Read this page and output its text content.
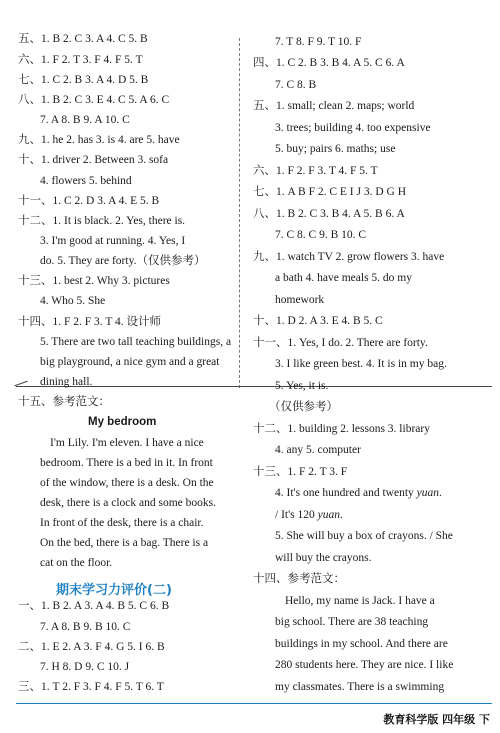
五、1. B 2. C 3. A 4. C 5. B
六、1. F 2. T 3. F 4. F 5. T
七、1. C 2. B 3. A 4. D 5. B
八、1. B 2. C 3. E 4. C 5. A 6. C
7. A 8. B 9. A 10. C
九、1. he 2. has 3. is 4. are 5. have
十、1. driver 2. Between 3. sofa
4. flowers 5. behind
十一、1. C 2. D 3. A 4. E 5. B
十二、1. It is black. 2. Yes, there is.
3. I'm good at running. 4. Yes, I
do. 5. They are forty.（仅供参考）
十三、1. best 2. Why 3. pictures
4. Who 5. She
十四、1. F 2. F 3. T 4. 设计师
5. There are two tall teaching buildings, a
big playground, a nice gym and a great
dining hall.
十五、参考范文：
My bedroom
I'm Lily. I'm eleven. I have a nice
bedroom. There is a bed in it. In front
of the window, there is a desk. On the
desk, there is a clock and some books.
In front of the desk, there is a chair.
On the bed, there is a bag. There is a
cat on the floor.
一、1. B 2. A 3. A 4. B 5. C 6. B
7. A 8. B 9. B 10. C
二、1. E 2. A 3. F 4. G 5. I 6. B
7. H 8. D 9. C 10. J
三、1. T 2. F 3. F 4. F 5. T 6. T
7. T 8. F 9. T 10. F
四、1. C 2. B 3. B 4. A 5. C 6. A
7. C 8. B
五、1. small; clean 2. maps; world
3. trees; building 4. too expensive
5. buy; pairs 6. maths; use
六、1. F 2. F 3. T 4. F 5. T
七、1. A B F 2. C E I J 3. D G H
八、1. B 2. C 3. B 4. A 5. B 6. A
7. C 8. C 9. B 10. C
九、1. watch TV 2. grow flowers 3. have
a bath 4. have meals 5. do my
homework
十、1. D 2. A 3. E 4. B 5. C
十一、1. Yes, I do. 2. There are forty.
3. I like green best. 4. It is in my bag.
5. Yes, it is.
（仅供参考）
十二、1. building 2. lessons 3. library
4. any 5. computer
十三、1. F 2. T 3. F
4. It's one hundred and twenty yuan.
/ It's 120 yuan.
5. She will buy a box of crayons. / She
will buy the crayons.
十四、参考范文：
Hello, my name is Jack. I have a
big school. There are 38 teaching
buildings in my school. And there are
280 students here. They are nice. I like
my classmates. There is a swimming
期末学习力评价(二)
教育科学版 四年级 下
